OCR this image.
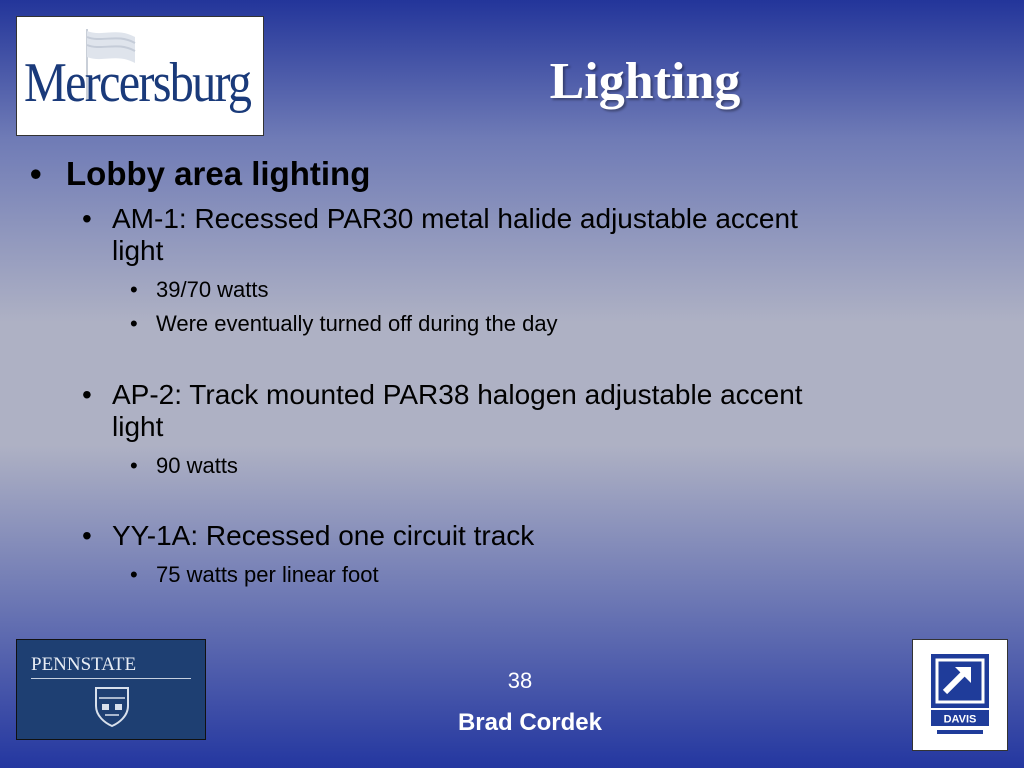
Mercersburg	Lighting
• Lobby area lighting
• AM-1: Recessed PAR30 metal halide adjustable accent
light
• 39/70 watts
• Were eventually turned off during the day
• AP-2: Track mounted PAR38 halogen adjustable accent
light
• 90 watts
• YY-1A: Recessed one circuit track
• 75 watts per linear foot
PENNSTATE
38
Brad Cordek	DAVIS
